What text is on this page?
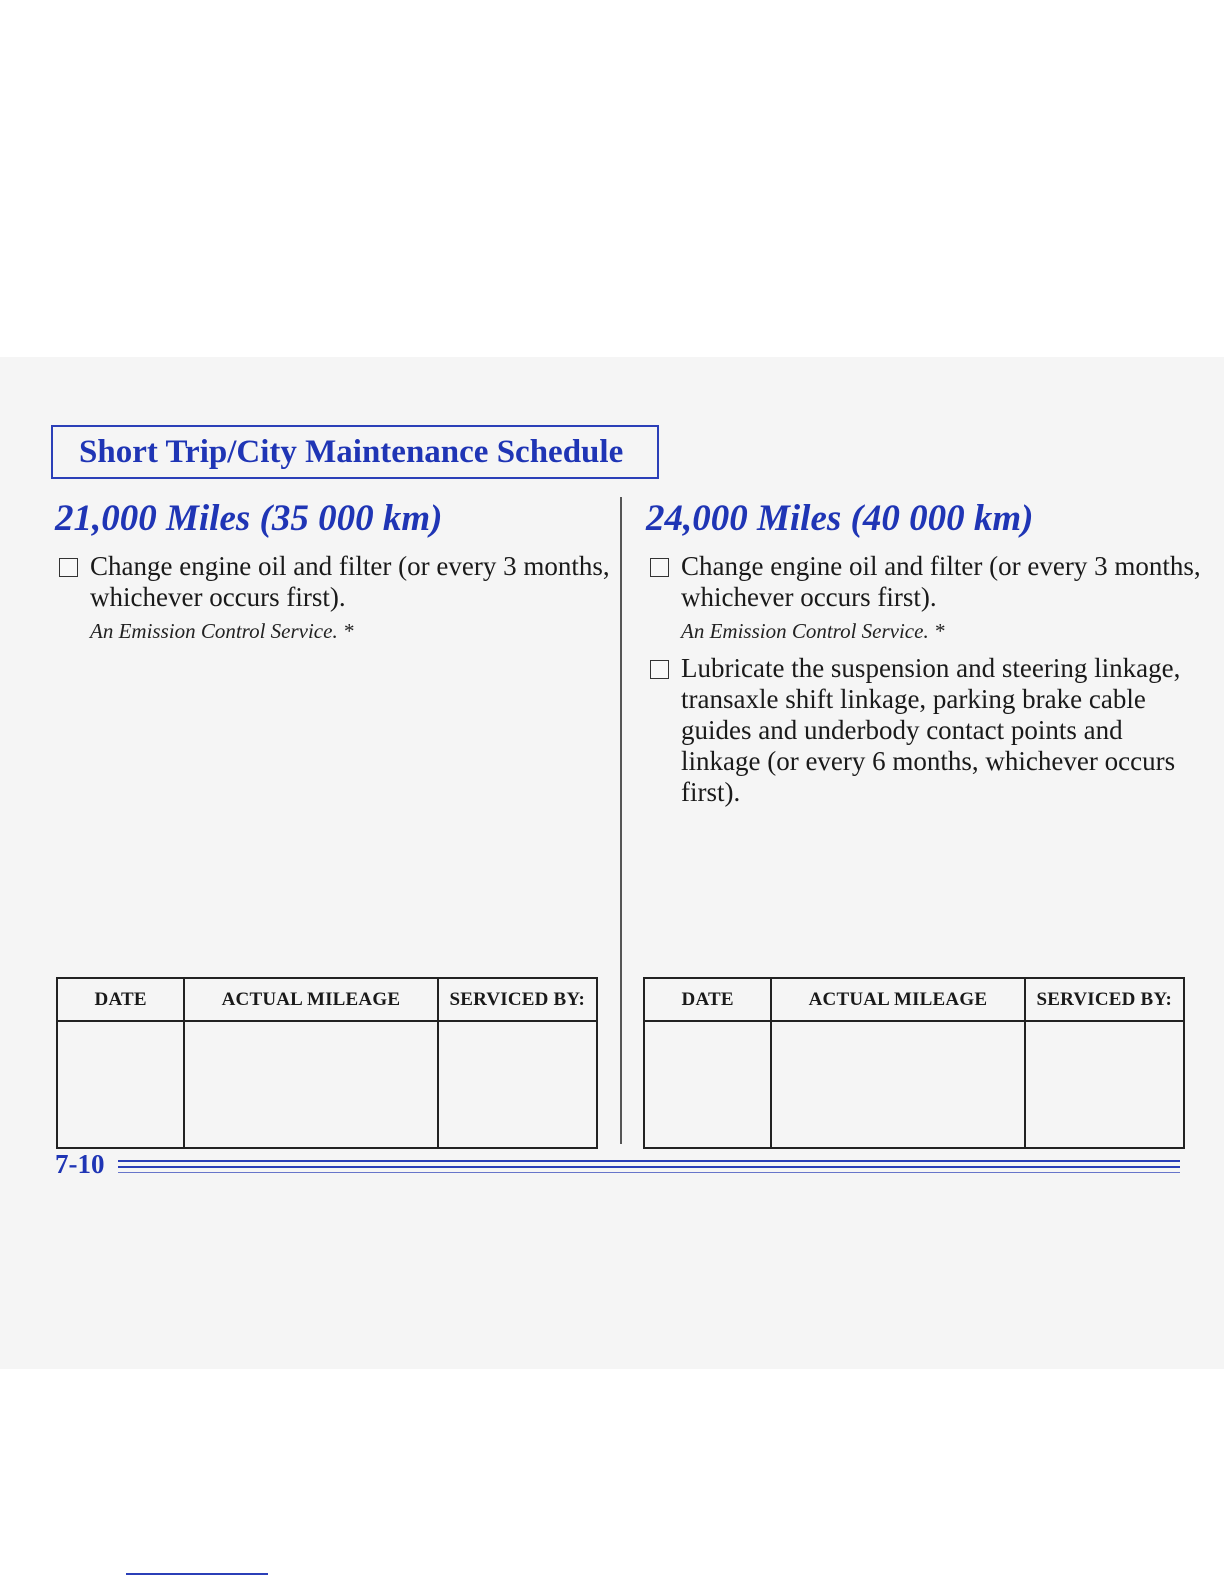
Short Trip/City Maintenance Schedule
21,000 Miles (35 000 km)
Change engine oil and filter (or every 3 months, whichever occurs first).
An Emission Control Service. *
24,000 Miles (40 000 km)
Change engine oil and filter (or every 3 months, whichever occurs first).
An Emission Control Service. *
Lubricate the suspension and steering linkage, transaxle shift linkage, parking brake cable guides and underbody contact points and linkage (or every 6 months, whichever occurs first).
DATE	ACTUAL MILEAGE	SERVICED BY:
			DATE	ACTUAL MILEAGE	SERVICED BY:

7-10
